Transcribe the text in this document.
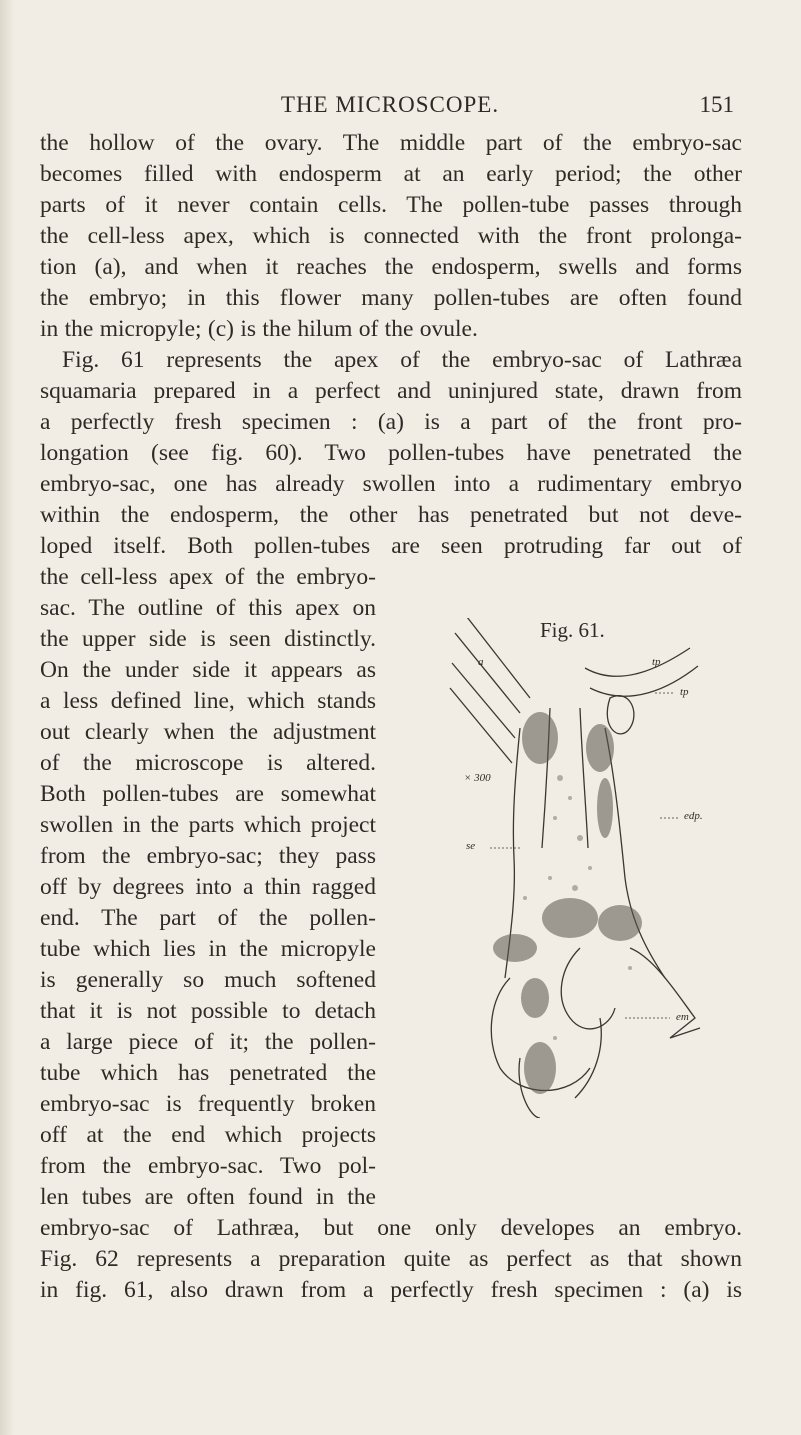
THE MICROSCOPE.	151
the hollow of the ovary. The middle part of the embryo-sac
becomes filled with endosperm at an early period; the other
parts of it never contain cells. The pollen-tube passes through
the cell-less apex, which is connected with the front prolonga-
tion (a), and when it reaches the endosperm, swells and forms
the embryo; in this flower many pollen-tubes are often found
in the micropyle; (c) is the hilum of the ovule.
Fig. 61 represents the apex of the embryo-sac of Lathræa
squamaria prepared in a perfect and uninjured state, drawn from
a perfectly fresh specimen : (a) is a part of the front pro-
longation (see fig. 60). Two pollen-tubes have penetrated the
embryo-sac, one has already swollen into a rudimentary embryo
within the endosperm, the other has penetrated but not deve-
loped itself. Both pollen-tubes are seen protruding far out of
the cell-less apex of the embryo-
sac. The outline of this apex on
the upper side is seen distinctly.
On the under side it appears as
a less defined line, which stands
out clearly when the adjustment
of the microscope is altered.
Both pollen-tubes are somewhat
swollen in the parts which project
from the embryo-sac; they pass
off by degrees into a thin ragged
end. The part of the pollen-
tube which lies in the micropyle
is generally so much softened
that it is not possible to detach
a large piece of it; the pollen-
tube which has penetrated the
embryo-sac is frequently broken
off at the end which projects
from the embryo-sac. Two pol-
len tubes are often found in the
embryo-sac of Lathræa, but one only developes an embryo.
Fig. 62 represents a preparation quite as perfect as that shown
in fig. 61, also drawn from a perfectly fresh specimen : (a) is
Fig. 61.
a	tp
tp
× 300
se
edp.
em
